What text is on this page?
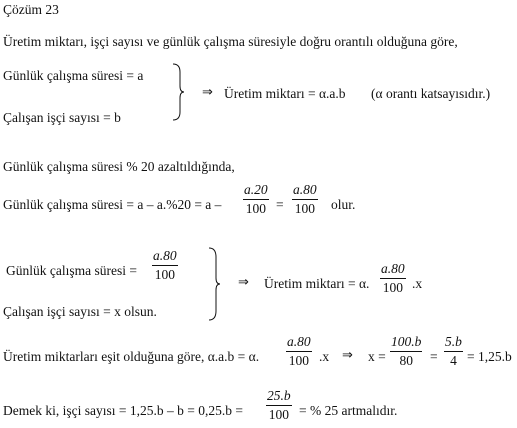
Çözüm 23
Üretim miktarı, işçi sayısı ve günlük çalışma süresiyle doğru orantılı olduğuna göre,
Günlük çalışma süresi = a
Çalışan işçi sayısı = b
⇒ Üretim miktarı = α.a.b (α orantı katsayısıdır.)
Günlük çalışma süresi % 20 azaltıldığında,
Günlük çalışma süresi = $a - a.\%20 = a - \frac{a.20}{100} = \frac{a.80}{100}$ olur.
Günlük çalışma süresi = $\frac{a.80}{100}$
Çalışan işçi sayısı = x olsun.
⇒ Üretim miktarı = α. $\frac{a.80}{100} .x$
Üretim miktarları eşit olduğuna göre, α.a.b = α. $\frac{a.80}{100} .x$ ⇒ $x = \frac{100.b}{80} = \frac{5.b}{4} = 1,25.b$
Demek ki, işçi sayısı = $1,25.b - b = 0,25.b = \frac{25.b}{100}$ = % 25 artmalıdır.
